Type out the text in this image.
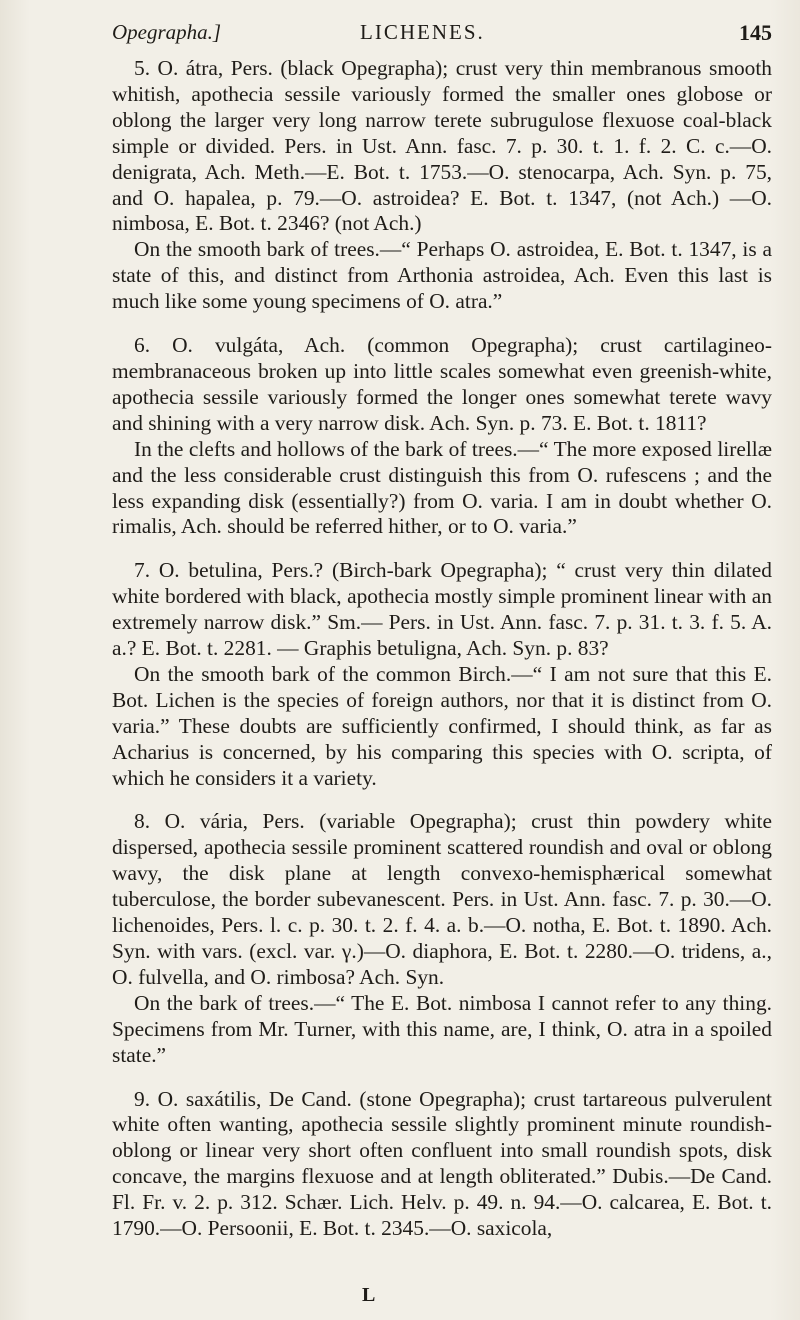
Opegrapha.]	LICHENES.	145

5. O. átra, Pers. (black Opegrapha); crust very thin membranous smooth whitish, apothecia sessile variously formed the smaller ones globose or oblong the larger very long narrow terete subrugulose flexuose coal-black simple or divided. Pers. in Ust. Ann. fasc. 7. p. 30. t. 1. f. 2. C. c.—O. denigrata, Ach. Meth.—E. Bot. t. 1753.—O. stenocarpa, Ach. Syn. p. 75, and O. hapalea, p. 79.—O. astroidea? E. Bot. t. 1347, (not Ach.) —O. nimbosa, E. Bot. t. 2346? (not Ach.)

On the smooth bark of trees.—“ Perhaps O. astroidea, E. Bot. t. 1347, is a state of this, and distinct from Arthonia astroidea, Ach. Even this last is much like some young specimens of O. atra.”

6. O. vulgáta, Ach. (common Opegrapha); crust cartilagineo-membranaceous broken up into little scales somewhat even greenish-white, apothecia sessile variously formed the longer ones somewhat terete wavy and shining with a very narrow disk. Ach. Syn. p. 73. E. Bot. t. 1811?

In the clefts and hollows of the bark of trees.—“ The more exposed lirellæ and the less considerable crust distinguish this from O. rufescens ; and the less expanding disk (essentially?) from O. varia. I am in doubt whether O. rimalis, Ach. should be referred hither, or to O. varia.”

7. O. betulina, Pers.? (Birch-bark Opegrapha); “ crust very thin dilated white bordered with black, apothecia mostly simple prominent linear with an extremely narrow disk.” Sm.— Pers. in Ust. Ann. fasc. 7. p. 31. t. 3. f. 5. A. a.? E. Bot. t. 2281. — Graphis betuligna, Ach. Syn. p. 83?

On the smooth bark of the common Birch.—“ I am not sure that this E. Bot. Lichen is the species of foreign authors, nor that it is distinct from O. varia.” These doubts are sufficiently confirmed, I should think, as far as Acharius is concerned, by his comparing this species with O. scripta, of which he considers it a variety.

8. O. vária, Pers. (variable Opegrapha); crust thin powdery white dispersed, apothecia sessile prominent scattered roundish and oval or oblong wavy, the disk plane at length convexo-hemisphærical somewhat tuberculose, the border subevanescent. Pers. in Ust. Ann. fasc. 7. p. 30.—O. lichenoides, Pers. l. c. p. 30. t. 2. f. 4. a. b.—O. notha, E. Bot. t. 1890. Ach. Syn. with vars. (excl. var. γ.)—O. diaphora, E. Bot. t. 2280.—O. tridens, a., O. fulvella, and O. rimbosa? Ach. Syn.

On the bark of trees.—“ The E. Bot. nimbosa I cannot refer to any thing. Specimens from Mr. Turner, with this name, are, I think, O. atra in a spoiled state.”

9. O. saxátilis, De Cand. (stone Opegrapha); crust tartareous pulverulent white often wanting, apothecia sessile slightly prominent minute roundish-oblong or linear very short often confluent into small roundish spots, disk concave, the margins flexuose and at length obliterated.” Dubis.—De Cand. Fl. Fr. v. 2. p. 312. Schær. Lich. Helv. p. 49. n. 94.—O. calcarea, E. Bot. t. 1790.—O. Persoonii, E. Bot. t. 2345.—O. saxicola,

L
